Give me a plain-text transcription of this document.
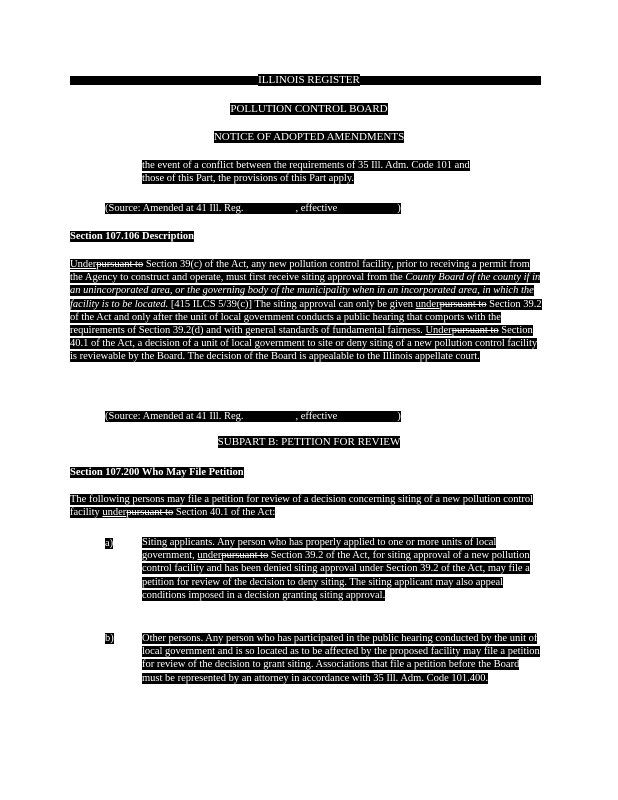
ILLINOIS REGISTER
POLLUTION CONTROL BOARD
NOTICE OF ADOPTED AMENDMENTS
the event of a conflict between the requirements of 35 Ill. Adm. Code 101 and
those of this Part, the provisions of this Part apply.
(Source: Amended at 41 Ill. Reg.	, effective	)
Section 107.106 Description
Underpursuant to Section 39(c) of the Act, any new pollution control facility, prior to receiving a permit from the Agency to construct and operate, must first receive siting approval from the County Board of the county if in an unincorporated area, or the governing body of the municipality when in an incorporated area, in which the facility is to be located. [415 ILCS 5/39(c)] The siting approval can only be given underpursuant to Section 39.2 of the Act and only after the unit of local government conducts a public hearing that comports with the requirements of Section 39.2(d) and with general standards of fundamental fairness. Underpursuant to Section 40.1 of the Act, a decision of a unit of local government to site or deny siting of a new pollution control facility is reviewable by the Board. The decision of the Board is appealable to the Illinois appellate court.
(Source: Amended at 41 Ill. Reg.	, effective	)
SUBPART B: PETITION FOR REVIEW
Section 107.200 Who May File Petition
The following persons may file a petition for review of a decision concerning siting of a new pollution control facility underpursuant to Section 40.1 of the Act:
a)	Siting applicants. Any person who has properly applied to one or more units of local government, underpursuant to Section 39.2 of the Act, for siting approval of a new pollution control facility and has been denied siting approval under Section 39.2 of the Act, may file a petition for review of the decision to deny siting. The siting applicant may also appeal conditions imposed in a decision granting siting approval.
b)	Other persons. Any person who has participated in the public hearing conducted by the unit of local government and is so located as to be affected by the proposed facility may file a petition for review of the decision to grant siting. Associations that file a petition before the Board must be represented by an attorney in accordance with 35 Ill. Adm. Code 101.400.
